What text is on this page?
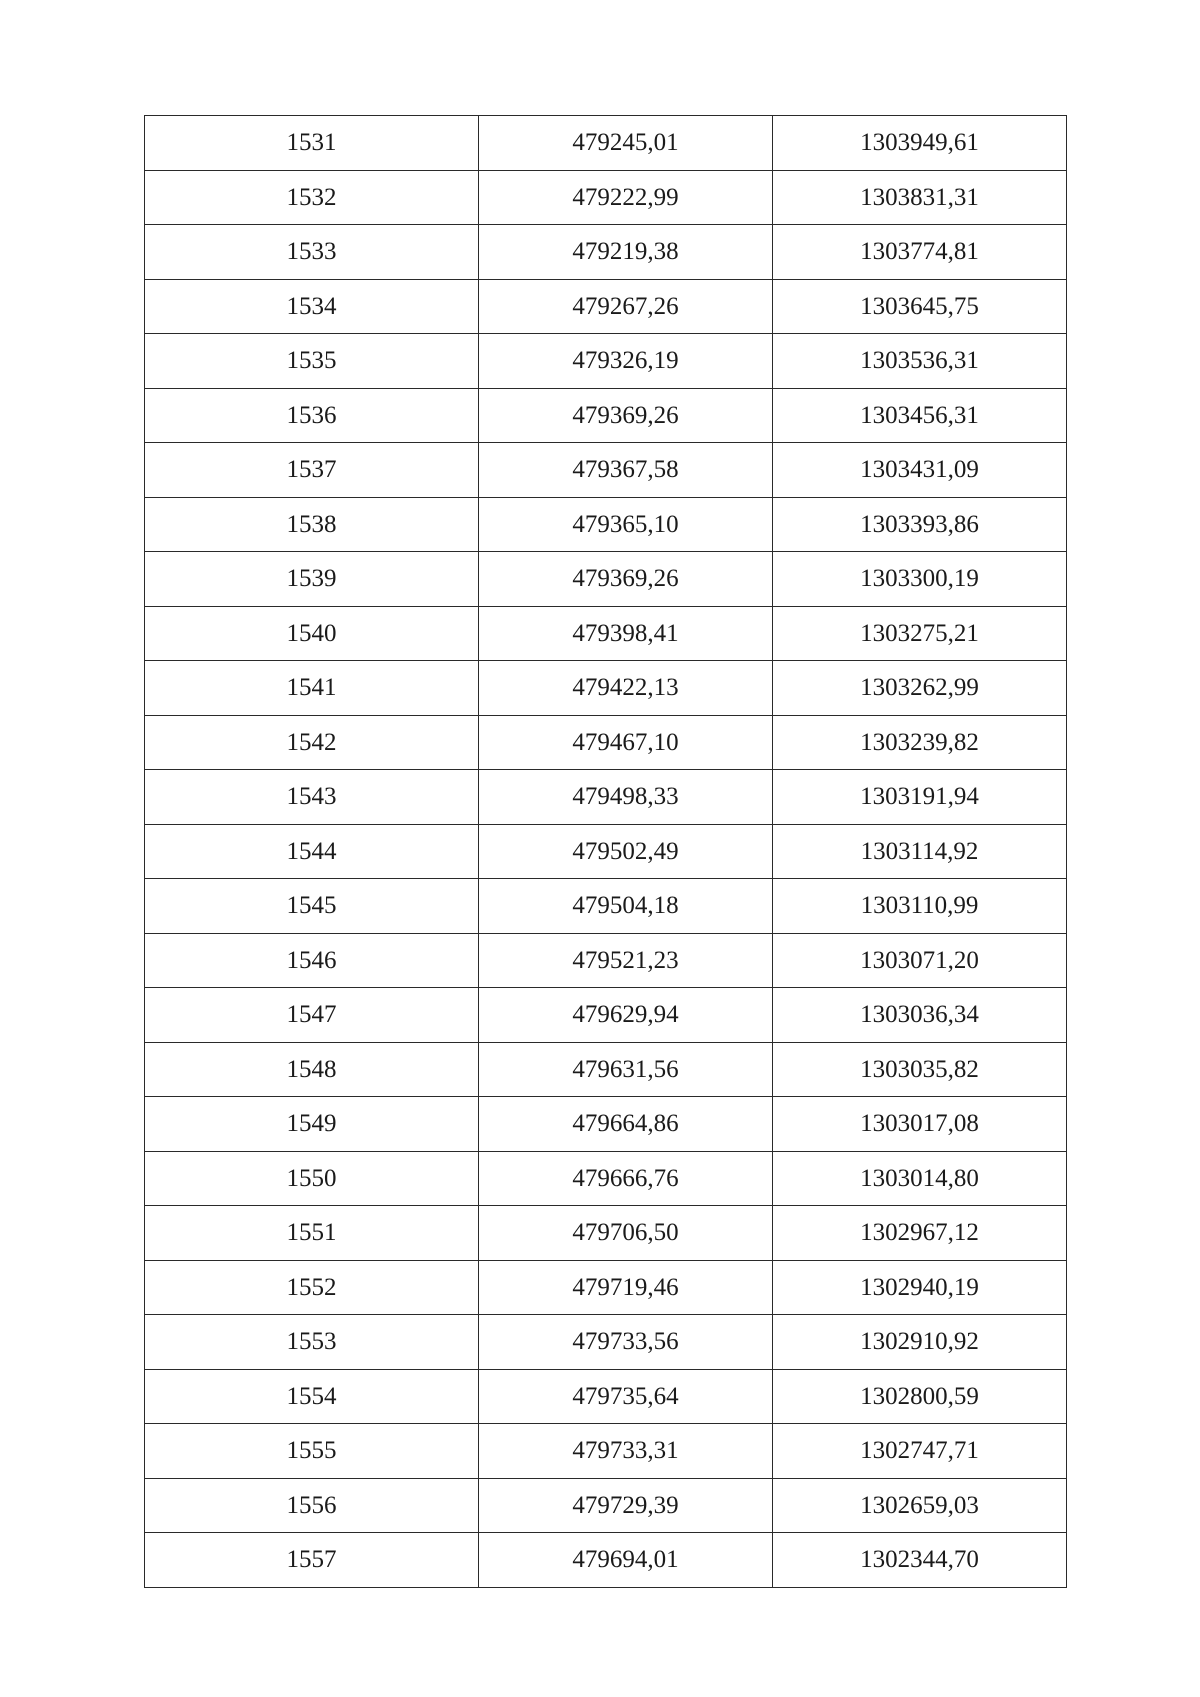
1531	479245,01	1303949,61
1532	479222,99	1303831,31
1533	479219,38	1303774,81
1534	479267,26	1303645,75
1535	479326,19	1303536,31
1536	479369,26	1303456,31
1537	479367,58	1303431,09
1538	479365,10	1303393,86
1539	479369,26	1303300,19
1540	479398,41	1303275,21
1541	479422,13	1303262,99
1542	479467,10	1303239,82
1543	479498,33	1303191,94
1544	479502,49	1303114,92
1545	479504,18	1303110,99
1546	479521,23	1303071,20
1547	479629,94	1303036,34
1548	479631,56	1303035,82
1549	479664,86	1303017,08
1550	479666,76	1303014,80
1551	479706,50	1302967,12
1552	479719,46	1302940,19
1553	479733,56	1302910,92
1554	479735,64	1302800,59
1555	479733,31	1302747,71
1556	479729,39	1302659,03
1557	479694,01	1302344,70
